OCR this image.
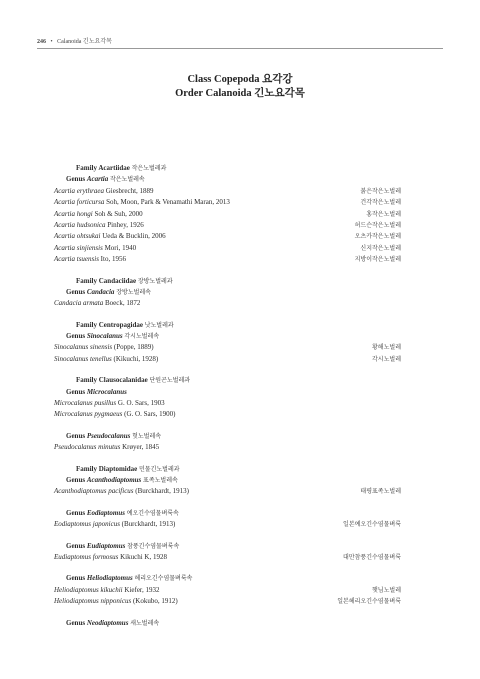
246 • Calanoida 긴노요각목
Class Copepoda 요각강
Order Calanoida 긴노요각목
Family Acartiidae 작은노벌레과
Genus Acartia 작은노벌레속
Acartia erythraea Giesbrecht, 1889	붉은작은노벌레
Acartia forticursa Soh, Moon, Park & Venamathi Maran, 2013	건각작은노벌레
Acartia hongi Soh & Suh, 2000	홍작은노벌레
Acartia hudsonica Pinhey, 1926	허드슨작은노벌레
Acartia ohtsukai Ueda & Bucklin, 2006	오츠카작은노벌레
Acartia sinjiensis Mori, 1940	신지작은노벌레
Acartia tsuensis Ito, 1956	지방이작은노벌레
Family Candaciidae 장방노벌레과
Genus Candacia 장방노벌레속
Candacia armata Boeck, 1872
Family Centropagidae 낫노벌레과
Genus Sinocalanus 각시노벌레속
Sinocalanus sinensis (Poppe, 1889)	황해노벌레
Sinocalanus tenellus (Kikuchi, 1928)	각시노벌레
Family Clausocalanidae 단원곤노벌레과
Genus Microcalanus
Microcalanus pusillus G. O. Sars, 1903
Microcalanus pygmaeus (G. O. Sars, 1900)
Genus Pseudocalanus 헛노벌레속
Pseudocalanus minutus Krøyer, 1845
Family Diaptomidae 민물긴노벌레과
Genus Acanthodiaptomus 표족노벌레속
Acanthodiaptomus pacificus (Burckhardt, 1913)	태평표족노벌레
Genus Eodiaptomus 예오긴수염물벼룩속
Eodiaptomus japonicus (Burckhardt, 1913)	일본예오긴수염물벼룩
Genus Eudiaptomus 참풍긴수염물벼룩속
Eudiaptomus formosus Kikuchi K, 1928	대만참풍긴수염물벼룩
Genus Heliodiaptomus 헤리오긴수염물벼룩속
Heliodiaptomus kikuchii Kiefer, 1932	햇님노벌레
Heliodiaptomus nipponicus (Kokubo, 1912)	일본헤리오긴수염물벼룩
Genus Neodiaptomus 새노벌레속
